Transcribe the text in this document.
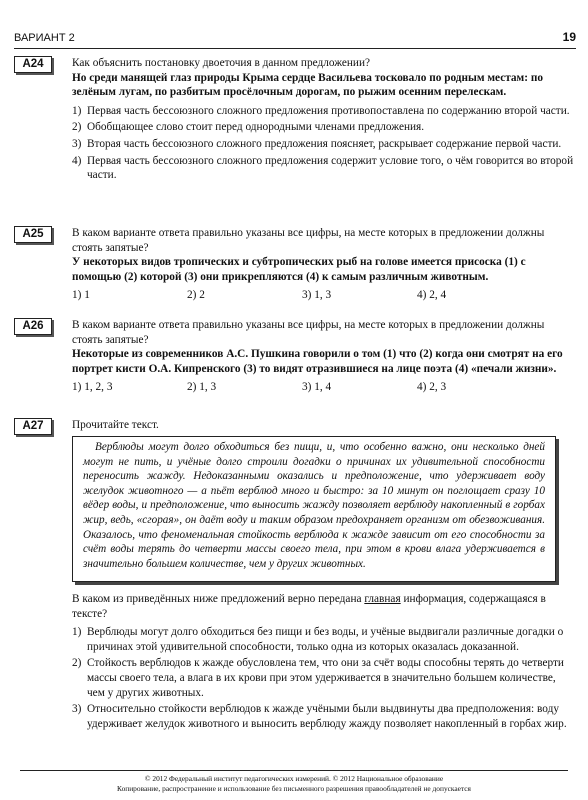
ВАРИАНТ 2	19
A24	Как объяснить постановку двоеточия в данном предложении?

Но среди манящей глаз природы Крыма сердце Васильева тосковало по родным местам: по зелёным лугам, по разбитым просёлочным дорогам, по рыжим осенним перелескам.

1) Первая часть бессоюзного сложного предложения противопоставлена по содержанию второй части.
2) Обобщающее слово стоит перед однородными членами предложения.
3) Вторая часть бессоюзного сложного предложения поясняет, раскрывает содержание первой части.
4) Первая часть бессоюзного сложного предложения содержит условие того, о чём говорится во второй части.
A25	В каком варианте ответа правильно указаны все цифры, на месте которых в предложении должны стоять запятые?

У некоторых видов тропических и субтропических рыб на голове имеется присоска (1) с помощью (2) которой (3) они прикрепляются (4) к самым различным животным.

1) 1	2) 2	3) 1, 3	4) 2, 4
A26	В каком варианте ответа правильно указаны все цифры, на месте которых в предложении должны стоять запятые?

Некоторые из современников А.С. Пушкина говорили о том (1) что (2) когда они смотрят на его портрет кисти О.А. Кипренского (3) то видят отразившиеся на лице поэта (4) «печали жизни».

1) 1, 2, 3	2) 1, 3	3) 1, 4	4) 2, 3
A27	Прочитайте текст.

Верблюды могут долго обходиться без пищи, и, что особенно важно, они несколько дней могут не пить, и учёные долго строили догадки о причинах их удивительной способности переносить жажду. Недоказанными оказались и предположение, что удерживает воду желудок животного — а пьёт верблюд много и быстро: за 10 минут он поглощает сразу 10 вёдер воды, и предположение, что выносить жажду позволяет верблюду накопленный в горбах жир, ведь, «сгорая», он даёт воду и таким образом предохраняет организм от обезвоживания. Оказалось, что феноменальная стойкость верблюда к жажде зависит от его способности за счёт воды терять до четверти массы своего тела, при этом в крови влага удерживается в значительно большем количестве, чем у других животных.

В каком из приведённых ниже предложений верно передана главная информация, содержащаяся в тексте?

1) Верблюды могут долго обходиться без пищи и без воды, и учёные выдвигали различные догадки о причинах этой удивительной способности, только одна из которых оказалась доказанной.
2) Стойкость верблюдов к жажде обусловлена тем, что они за счёт воды способны терять до четверти массы своего тела, а влага в их крови при этом удерживается в значительно большем количестве, чем у других животных.
3) Относительно стойкости верблюдов к жажде учёными были выдвинуты два предположения: воду удерживает желудок животного и выносить верблюду жажду позволяет накопленный в горбах жир.
© 2012 Федеральный институт педагогических измерений. © 2012 Национальное образование
Копирование, распространение и использование без письменного разрешения правообладателей не допускается
